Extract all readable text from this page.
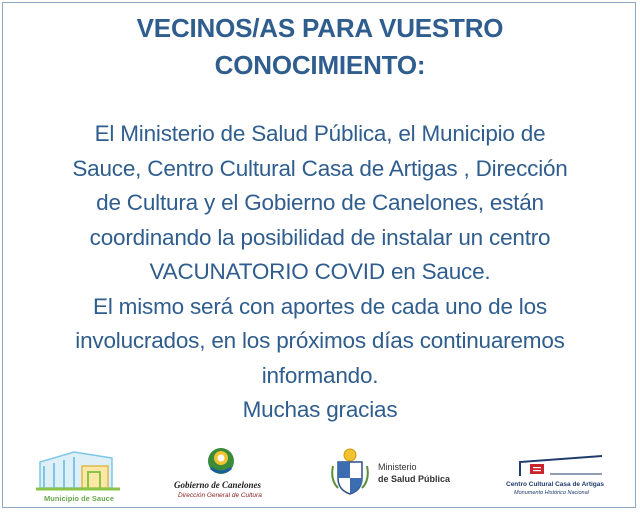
VECINOS/AS PARA VUESTRO
CONOCIMIENTO:
El Ministerio de Salud Pública, el Municipio de
Sauce, Centro Cultural Casa de Artigas , Dirección
de Cultura y el Gobierno de Canelones, están
coordinando la posibilidad de instalar un centro
VACUNATORIO COVID en Sauce.
El mismo será con aportes de cada uno de los
involucrados, en los próximos días continuaremos
informando.
Muchas gracias
Municipio de Sauce
Gobierno de Canelones
Dirección General de Cultura
Ministerio
de Salud Pública
Centro Cultural Casa de Artigas
Monumento Histórico Nacional
